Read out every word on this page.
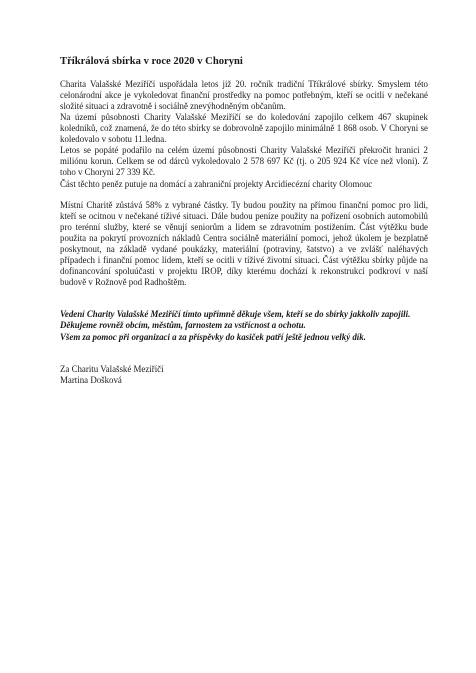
Tříkrálová sbírka v roce 2020 v Choryni

Charita Valašské Meziříčí uspořádala letos již 20. ročník tradiční Tříkrálové sbírky. Smyslem této celonárodní akce je vykoledovat finanční prostředky na pomoc potřebným, kteří se ocitli v nečekané složité situaci a zdravotně i sociálně znevýhodněným občanům.

Na území působnosti Charity Valašské Meziříčí se do koledování zapojilo celkem 467 skupinek koledníků, což znamená, že do této sbírky se dobrovolně zapojilo minimálně 1 868 osob. V Choryni se koledovalo v sobotu 11.ledna.

Letos se popáté podařilo na celém území působnosti Charity Valašské Meziříčí překročit hranici 2 miliónu korun. Celkem se od dárců vykoledovalo 2 578 697 Kč (tj. o 205 924 Kč více než vloni). Z toho v Choryni 27 339 Kč.

Část těchto peněz putuje na domácí a zahraniční projekty Arcidiecézní charity Olomouc

Místní Charitě zůstává 58% z vybrané částky. Ty budou použity na přímou finanční pomoc pro lidi, kteří se ocitnou v nečekané tíživé situaci. Dále budou peníze použity na pořízení osobních automobilů pro terénní služby, které se věnují seniorům a lidem se zdravotním postižením. Část výtěžku bude použita na pokrytí provozních nákladů Centra sociálně materiální pomoci, jehož úkolem je bezplatně poskytnout, na základě vydané poukázky, materiální (potraviny, šatstvo) a ve zvlášť naléhavých případech i finanční pomoc lidem, kteří se ocitli v tíživé životní situaci. Část výtěžku sbírky půjde na dofinancování spoluúčasti v projektu IROP, díky kterému dochází k rekonstrukci podkroví v naší budově v Rožnově pod Radhoštěm.

Vedení Charity Valašské Meziříčí tímto upřímně děkuje všem, kteří se do sbírky jakkoliv zapojili. Děkujeme rovněž obcím, městům, farnostem za vstřícnost a ochotu.

Všem za pomoc při organizaci a za příspěvky do kasiček patří ještě jednou velký dík.

Za Charitu Valašské Meziříčí

Martina Došková
